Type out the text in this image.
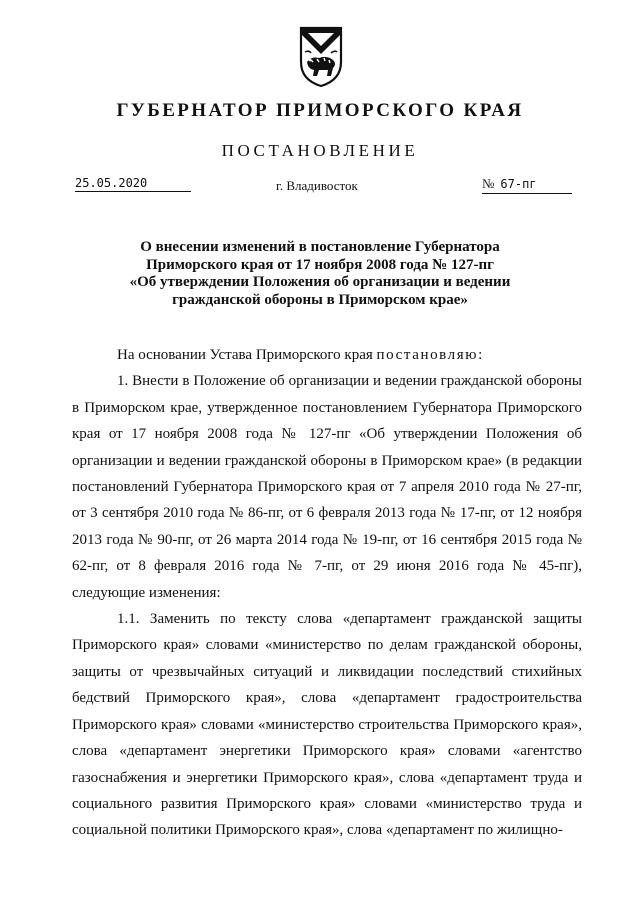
ГУБЕРНАТОР ПРИМОРСКОГО КРАЯ
ПОСТАНОВЛЕНИЕ
25.05.2020	г. Владивосток	№ 67-пг
О внесении изменений в постановление Губернатора
Приморского края от 17 ноября 2008 года № 127-пг
«Об утверждении Положения об организации и ведении
гражданской обороны в Приморском крае»

На основании Устава Приморского края постановляю:

1. Внести в Положение об организации и ведении гражданской обороны в Приморском крае, утвержденное постановлением Губернатора Приморского края от 17 ноября 2008 года № 127-пг «Об утверждении Положения об организации и ведении гражданской обороны в Приморском крае» (в редакции постановлений Губернатора Приморского края от 7 апреля 2010 года № 27-пг, от 3 сентября 2010 года № 86-пг, от 6 февраля 2013 года № 17-пг, от 12 ноября 2013 года № 90-пг, от 26 марта 2014 года № 19-пг, от 16 сентября 2015 года № 62-пг, от 8 февраля 2016 года № 7-пг, от 29 июня 2016 года № 45-пг), следующие изменения:

1.1. Заменить по тексту слова «департамент гражданской защиты Приморского края» словами «министерство по делам гражданской обороны, защиты от чрезвычайных ситуаций и ликвидации последствий стихийных бедствий Приморского края», слова «департамент градостроительства Приморского края» словами «министерство строительства Приморского края», слова «департамент энергетики Приморского края» словами «агентство газоснабжения и энергетики Приморского края», слова «департамент труда и социального развития Приморского края» словами «министерство труда и социальной политики Приморского края», слова «департамент по жилищно-
